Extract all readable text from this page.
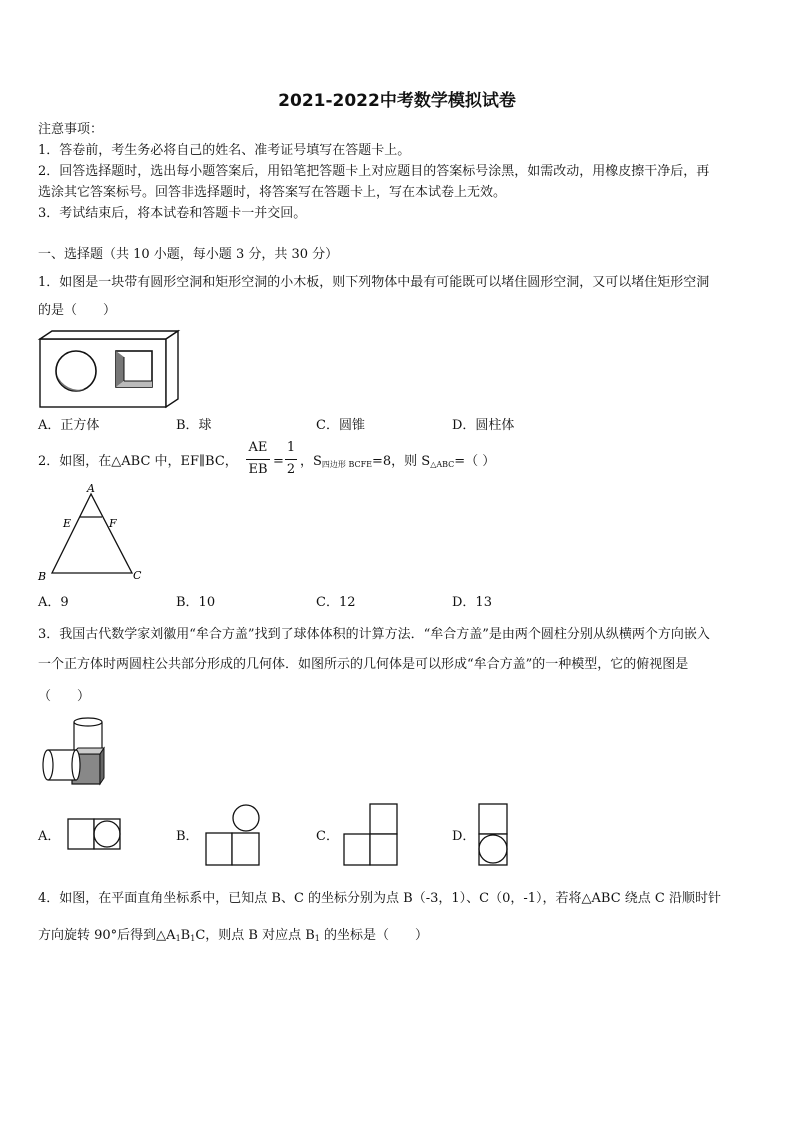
2021-2022中考数学模拟试卷
注意事项：
1．答卷前，考生务必将自己的姓名、准考证号填写在答题卡上。
2．回答选择题时，选出每小题答案后，用铅笔把答题卡上对应题目的答案标号涂黑，如需改动，用橡皮擦干净后，再
选涂其它答案标号。回答非选择题时，将答案写在答题卡上，写在本试卷上无效。
3．考试结束后，将本试卷和答题卡一并交回。
一、选择题（共 10 小题，每小题 3 分，共 30 分）
1．如图是一块带有圆形空洞和矩形空洞的小木板，则下列物体中最有可能既可以堵住圆形空洞，又可以堵住矩形空洞
的是（　　）
A．正方体	B．球	C．圆锥	D．圆柱体
2．如图，在△ABC 中，EF∥BC，
AE
EB
=
1
2
，$S_{四边形 BCFE}=8$，则 $S_{\triangle ABC}=$（ ）
A
E	F
B	C
A．9	B．10	C．12	D．13
3．我国古代数学家刘徽用“牟合方盖”找到了球体体积的计算方法．“牟合方盖”是由两个圆柱分别从纵横两个方向嵌入
一个正方体时两圆柱公共部分形成的几何体．如图所示的几何体是可以形成“牟合方盖”的一种模型，它的俯视图是
（　　）
A．	B．	C．	D．
4．如图，在平面直角坐标系中，已知点 B、C 的坐标分别为点 B（-3，1）、C（0，-1），若将△ABC 绕点 C 沿顺时针
方向旋转 90°后得到$\triangle A_1B_1C$，则点 B 对应点 $B_1$ 的坐标是（　　）
